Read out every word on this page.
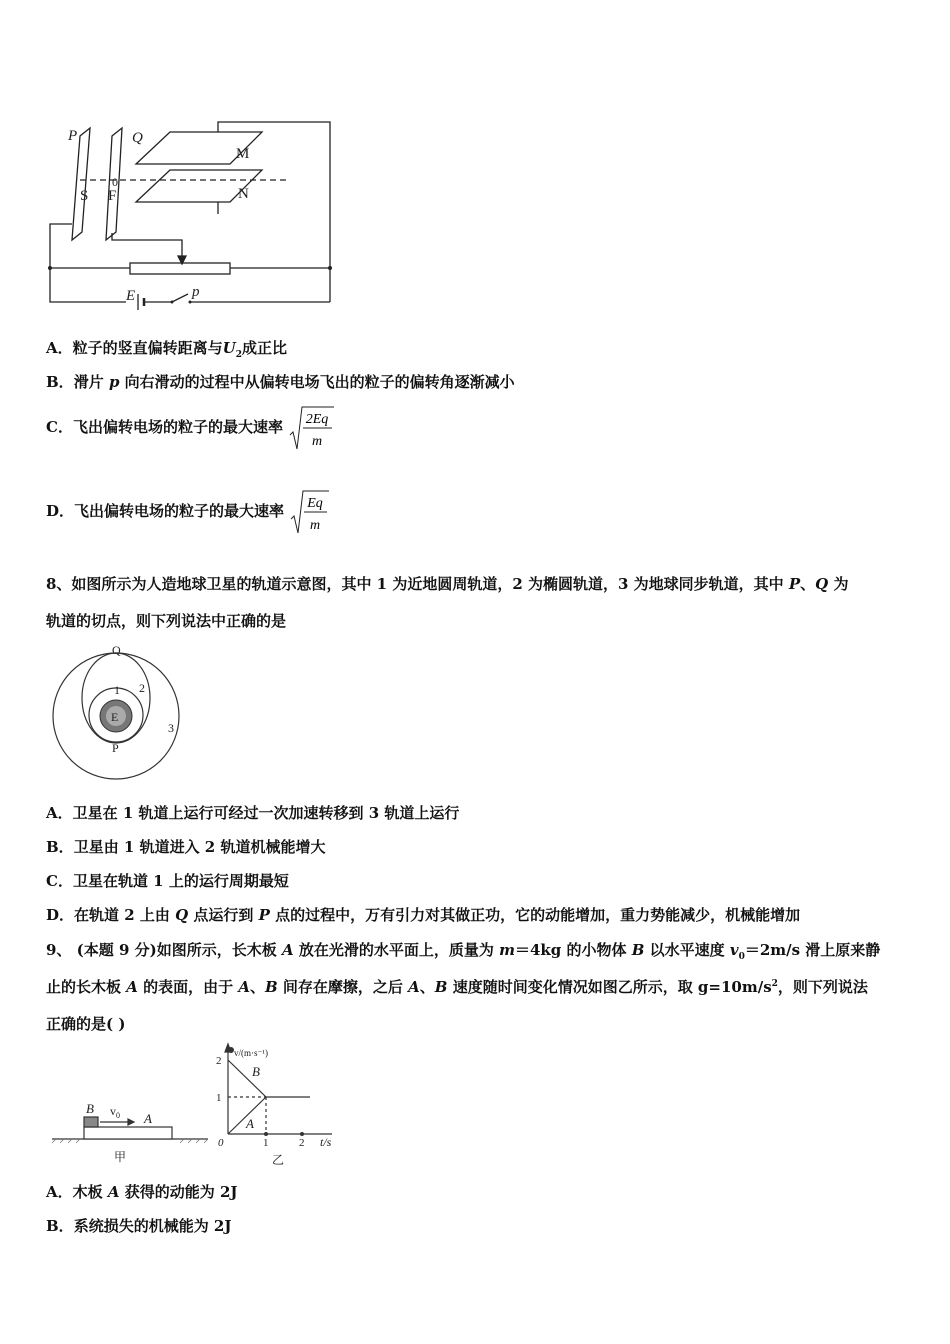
P	Q
p
E
S F
0
M
N
A．粒子的竖直偏转距离与$U_2$成正比
B．滑片 p 向右滑动的过程中从偏转电场飞出的粒子的偏转角逐渐减小
C．飞出偏转电场的粒子的最大速率 2Eq
m
D．飞出偏转电场的粒子的最大速率 Eq
m
8、如图所示为人造地球卫星的轨道示意图，其中 1 为近地圆周轨道，2 为椭圆轨道，3 为地球同步轨道，其中 P、Q 为
轨道的切点，则下列说法中正确的是
Q
P
E
1 2
3
A．卫星在 1 轨道上运行可经过一次加速转移到 3 轨道上运行
B．卫星由 1 轨道进入 2 轨道机械能增大
C．卫星在轨道 1 上的运行周期最短
D．在轨道 2 上由 Q 点运行到 P 点的过程中，万有引力对其做正功，它的动能增加，重力势能减少，机械能增加
9、 (本题 9 分)如图所示，长木板 A 放在光滑的水平面上，质量为 m＝4kg 的小物体 B 以水平速度 $v_0=2m/s$ 滑上原来静
止的长木板 A 的表面，由于 A、B 间存在摩擦，之后 A、B 速度随时间变化情况如图乙所示，取 $g=10m/s^2$，则下列说法
正确的是( )
B $v_0$ A
甲
v/(m·s⁻¹)
2
1
0	1	2 t/s
B
A
乙
A．木板 A 获得的动能为 2J
B．系统损失的机械能为 2J
